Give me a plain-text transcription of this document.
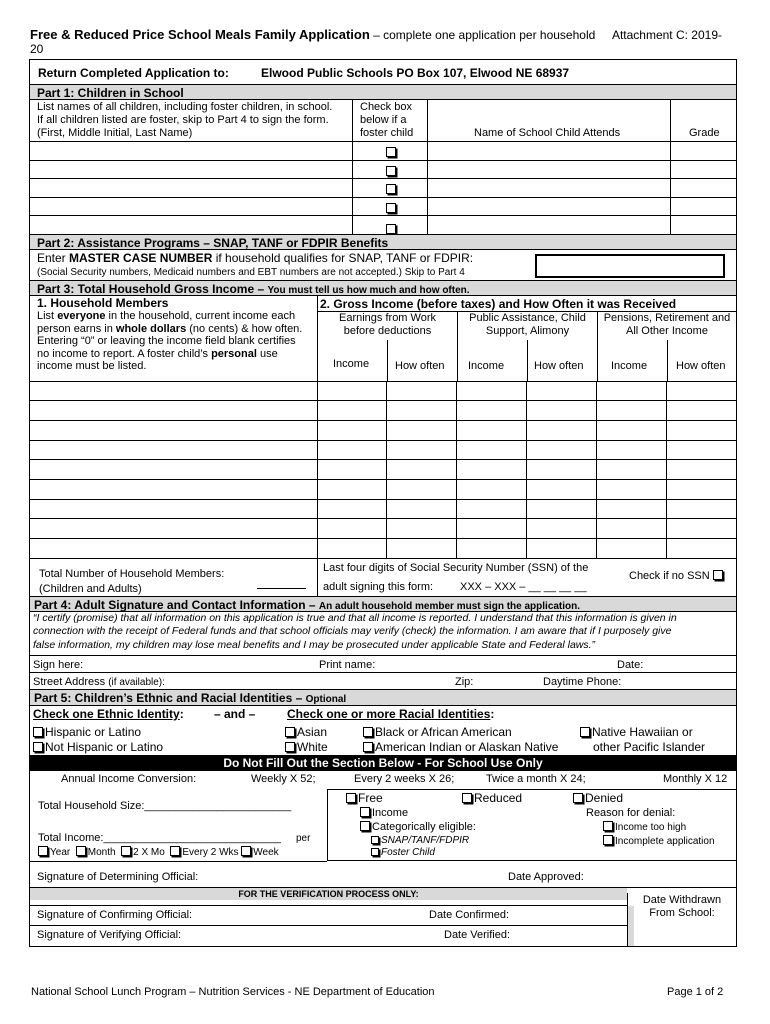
Free & Reduced Price School Meals Family Application – complete one application per household Attachment C: 2019-
20
Return Completed Application to:	Elwood Public Schools PO Box 107, Elwood NE 68937
Part 1: Children in School
List names of all children, including foster children, in school.
If all children listed are foster, skip to Part 4 to sign the form.
(First, Middle Initial, Last Name)
Check box
below if a
foster child	Name of School Child Attends	Grade
Part 2: Assistance Programs – SNAP, TANF or FDPIR Benefits
Enter MASTER CASE NUMBER if household qualifies for SNAP, TANF or FDPIR:
(Social Security numbers, Medicaid numbers and EBT numbers are not accepted.) Skip to Part 4
Part 3: Total Household Gross Income – You must tell us how much and how often.
1. Household Members
List everyone in the household, current income each
person earns in whole dollars (no cents) & how often.
Entering “0” or leaving the income field blank certifies
no income to report. A foster child’s personal use
income must be listed.
2. Gross Income (before taxes) and How Often it was Received
Earnings from Work
before deductions
Public Assistance, Child
Support, Alimony
Pensions, Retirement and
All Other Income
Income How often Income	How often Income	How often
Total Number of Household Members:
(Children and Adults)
Last four digits of Social Security Number (SSN) of the
adult signing this form: XXX – XXX – __ __ __ __
Check if no SSN
Part 4: Adult Signature and Contact Information – An adult household member must sign the application.
“I certify (promise) that all information on this application is true and that all income is reported. I understand that this information is given in
connection with the receipt of Federal funds and that school officials may verify (check) the information. I am aware that if I purposely give
false information, my children may lose meal benefits and I may be prosecuted under applicable State and Federal laws.”
Sign here:	Print name:	Date:
Street Address (if available):	Zip:	Daytime Phone:
Part 5: Children’s Ethnic and Racial Identities – Optional
Check one Ethnic Identity:	– and –	Check one or more Racial Identities:
Hispanic or Latino
Not Hispanic or Latino
Asian
White
Black or African American
American Indian or Alaskan Native
Native Hawaiian or
other Pacific Islander
Do Not Fill Out the Section Below - For School Use Only
Annual Income Conversion:	Weekly X 52;	Every 2 weeks X 26;	Twice a month X 24;	Monthly X 12
Total Household Size:________________________
Total Income:_____________________________ per
Year Month 2 X Mo Every 2 Wks Week
Free	Reduced	Denied
Income
Categorically eligible:
SNAP/TANF/FDPIR
Foster Child
Reason for denial:
Income too high
Incomplete application
Signature of Determining Official:	Date Approved:
FOR THE VERIFICATION PROCESS ONLY:
Signature of Confirming Official:	Date Confirmed:
Signature of Verifying Official:	Date Verified:
Date Withdrawn
From School:
National School Lunch Program – Nutrition Services - NE Department of Education	Page 1 of 2
